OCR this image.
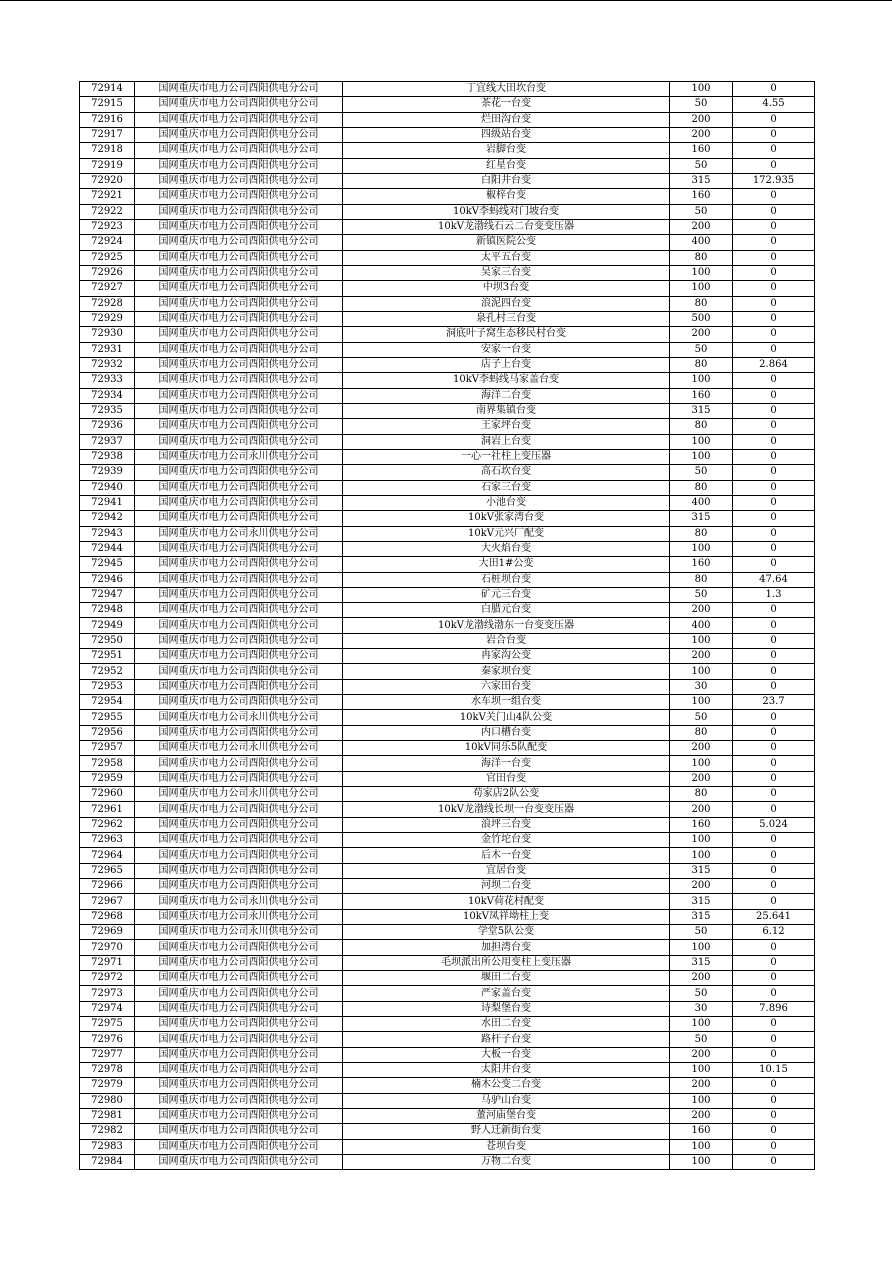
72914	国网重庆市电力公司酉阳供电分公司	丁宜线大田坎台变	100	0
72915	国网重庆市电力公司酉阳供电分公司	茶花一台变	50	4.55
72916	国网重庆市电力公司酉阳供电分公司	烂田沟台变	200	0
72917	国网重庆市电力公司酉阳供电分公司	四级站台变	200	0
72918	国网重庆市电力公司酉阳供电分公司	岩脚台变	160	0
72919	国网重庆市电力公司酉阳供电分公司	红星台变	50	0
72920	国网重庆市电力公司酉阳供电分公司	白阳井台变	315	172.935
72921	国网重庆市电力公司酉阳供电分公司	椒梓台变	160	0
72922	国网重庆市电力公司酉阳供电分公司	10kV李蚂线对门坡台变	50	0
72923	国网重庆市电力公司酉阳供电分公司	10kV龙渤线石云二台变变压器	200	0
72924	国网重庆市电力公司酉阳供电分公司	新镇医院公变	400	0
72925	国网重庆市电力公司酉阳供电分公司	太平五台变	80	0
72926	国网重庆市电力公司酉阳供电分公司	吴家三台变	100	0
72927	国网重庆市电力公司酉阳供电分公司	中坝3台变	100	0
72928	国网重庆市电力公司酉阳供电分公司	浪泥四台变	80	0
72929	国网重庆市电力公司酉阳供电分公司	泉孔村三台变	500	0
72930	国网重庆市电力公司酉阳供电分公司	洞底叶子窝生态移民村台变	200	0
72931	国网重庆市电力公司酉阳供电分公司	安家一台变	50	0
72932	国网重庆市电力公司酉阳供电分公司	店子上台变	80	2.864
72933	国网重庆市电力公司酉阳供电分公司	10kV李蚂线马家盖台变	100	0
72934	国网重庆市电力公司酉阳供电分公司	海洋二台变	160	0
72935	国网重庆市电力公司酉阳供电分公司	南界集镇台变	315	0
72936	国网重庆市电力公司酉阳供电分公司	王家坪台变	80	0
72937	国网重庆市电力公司酉阳供电分公司	洞岩上台变	100	0
72938	国网重庆市电力公司永川供电分公司	一心一社柱上变压器	100	0
72939	国网重庆市电力公司酉阳供电分公司	高石坎台变	50	0
72940	国网重庆市电力公司酉阳供电分公司	石家三台变	80	0
72941	国网重庆市电力公司酉阳供电分公司	小池台变	400	0
72942	国网重庆市电力公司酉阳供电分公司	10kV张家湾台变	315	0
72943	国网重庆市电力公司永川供电分公司	10kV元兴厂配变	80	0
72944	国网重庆市电力公司酉阳供电分公司	大火焰台变	100	0
72945	国网重庆市电力公司酉阳供电分公司	大田1#公变	160	0
72946	国网重庆市电力公司酉阳供电分公司	石桩坝台变	80	47.64
72947	国网重庆市电力公司酉阳供电分公司	矿元三台变	50	1.3
72948	国网重庆市电力公司酉阳供电分公司	白腊元台变	200	0
72949	国网重庆市电力公司酉阳供电分公司	10kV龙渤线渤东一台变变压器	400	0
72950	国网重庆市电力公司酉阳供电分公司	岩合台变	100	0
72951	国网重庆市电力公司酉阳供电分公司	冉家沟公变	200	0
72952	国网重庆市电力公司酉阳供电分公司	秦家坝台变	100	0
72953	国网重庆市电力公司酉阳供电分公司	六家田台变	30	0
72954	国网重庆市电力公司酉阳供电分公司	水车坝一组台变	100	23.7
72955	国网重庆市电力公司永川供电分公司	10kV关门山4队公变	50	0
72956	国网重庆市电力公司酉阳供电分公司	内口槽台变	80	0
72957	国网重庆市电力公司永川供电分公司	10kV同乐5队配变	200	0
72958	国网重庆市电力公司酉阳供电分公司	海洋一台变	100	0
72959	国网重庆市电力公司酉阳供电分公司	官田台变	200	0
72960	国网重庆市电力公司永川供电分公司	苟家店2队公变	80	0
72961	国网重庆市电力公司酉阳供电分公司	10kV龙渤线长坝一台变变压器	200	0
72962	国网重庆市电力公司酉阳供电分公司	浪坪三台变	160	5.024
72963	国网重庆市电力公司酉阳供电分公司	金竹坨台变	100	0
72964	国网重庆市电力公司酉阳供电分公司	后木一台变	100	0
72965	国网重庆市电力公司酉阳供电分公司	宜居台变	315	0
72966	国网重庆市电力公司酉阳供电分公司	河坝二台变	200	0
72967	国网重庆市电力公司永川供电分公司	10kV荷花村配变	315	0
72968	国网重庆市电力公司永川供电分公司	10kV凤祥坳柱上变	315	25.641
72969	国网重庆市电力公司永川供电分公司	学堂5队公变	50	6.12
72970	国网重庆市电力公司酉阳供电分公司	加担湾台变	100	0
72971	国网重庆市电力公司酉阳供电分公司	毛坝派出所公用变柱上变压器	315	0
72972	国网重庆市电力公司酉阳供电分公司	堰田二台变	200	0
72973	国网重庆市电力公司酉阳供电分公司	严家盖台变	50	0
72974	国网重庆市电力公司酉阳供电分公司	诗梨堡台变	30	7.896
72975	国网重庆市电力公司酉阳供电分公司	水田二台变	100	0
72976	国网重庆市电力公司酉阳供电分公司	路杆子台变	50	0
72977	国网重庆市电力公司酉阳供电分公司	大板一台变	200	0
72978	国网重庆市电力公司酉阳供电分公司	太阳井台变	100	10.15
72979	国网重庆市电力公司酉阳供电分公司	楠木公变二台变	200	0
72980	国网重庆市电力公司酉阳供电分公司	马驴山台变	100	0
72981	国网重庆市电力公司酉阳供电分公司	董河庙堡台变	200	0
72982	国网重庆市电力公司酉阳供电分公司	野人迁新街台变	160	0
72983	国网重庆市电力公司酉阳供电分公司	苍坝台变	100	0
72984	国网重庆市电力公司酉阳供电分公司	万物二台变	100	0
